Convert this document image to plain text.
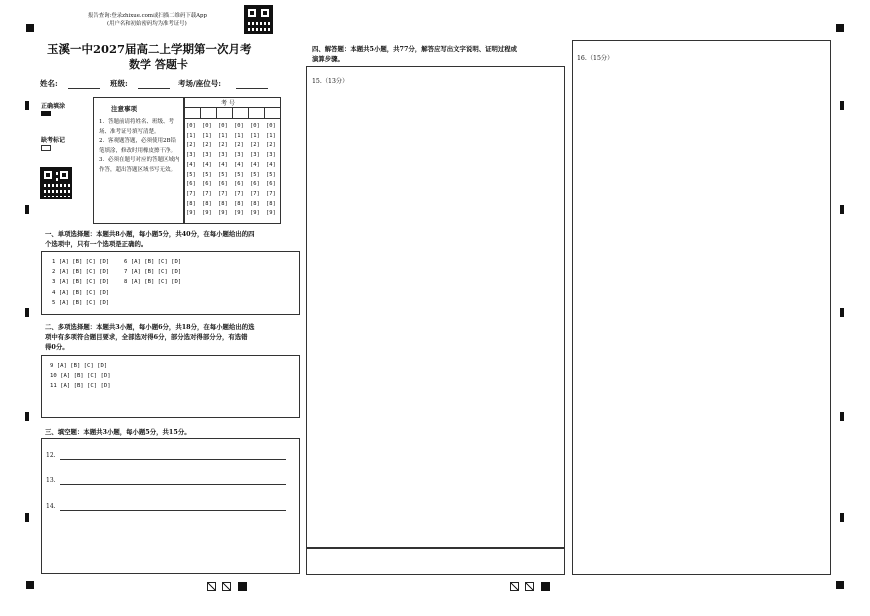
报告查询:登录zhixue.com或扫描二维码下载App
(用户名和初始密码均为准考证号)
玉溪一中2027届高二上学期第一次月考
数学 答题卡
姓名:	班级:	考场/座位号:
正确填涂
缺考标记
注意事项

1．答题前请将姓名、班级、考场、准考证号填写清楚。

2．客观题答题，必须使用2B铅笔填涂，修改时用橡皮擦干净。

3．必须在题号对应的答题区域内作答，超出答题区域书写无效。

考 号
[0]
[1]
[2]
[3]
[4]
[5]
[6]
[7]
[8]
[9]
[0]
[1]
[2]
[3]
[4]
[5]
[6]
[7]
[8]
[9]
[0]
[1]
[2]
[3]
[4]
[5]
[6]
[7]
[8]
[9]
[0]
[1]
[2]
[3]
[4]
[5]
[6]
[7]
[8]
[9]
[0]
[1]
[2]
[3]
[4]
[5]
[6]
[7]
[8]
[9]
[0]
[1]
[2]
[3]
[4]
[5]
[6]
[7]
[8]
[9]
一、单项选择题：本题共8小题，每小题5分，共40分，在每小题给出的四
个选项中，只有一个选项是正确的。
1 [A] [B] [C] [D]
2 [A] [B] [C] [D]
3 [A] [B] [C] [D]
4 [A] [B] [C] [D]
5 [A] [B] [C] [D]
6 [A] [B] [C] [D]
7 [A] [B] [C] [D]
8 [A] [B] [C] [D]
二、多项选择题：本题共3小题，每小题6分，共18分，在每小题给出的选
项中有多项符合题目要求，全部选对得6分，部分选对得部分分，有选错
得0分。
9 [A] [B] [C] [D]
10 [A] [B] [C] [D]
11 [A] [B] [C] [D]
三、填空题：本题共3小题，每小题5分，共15分。
12.
13.
14.
四、解答题：本题共5小题，共77分，解答应写出文字说明、证明过程或
演算步骤。
15.（13分）
16.（15分）
